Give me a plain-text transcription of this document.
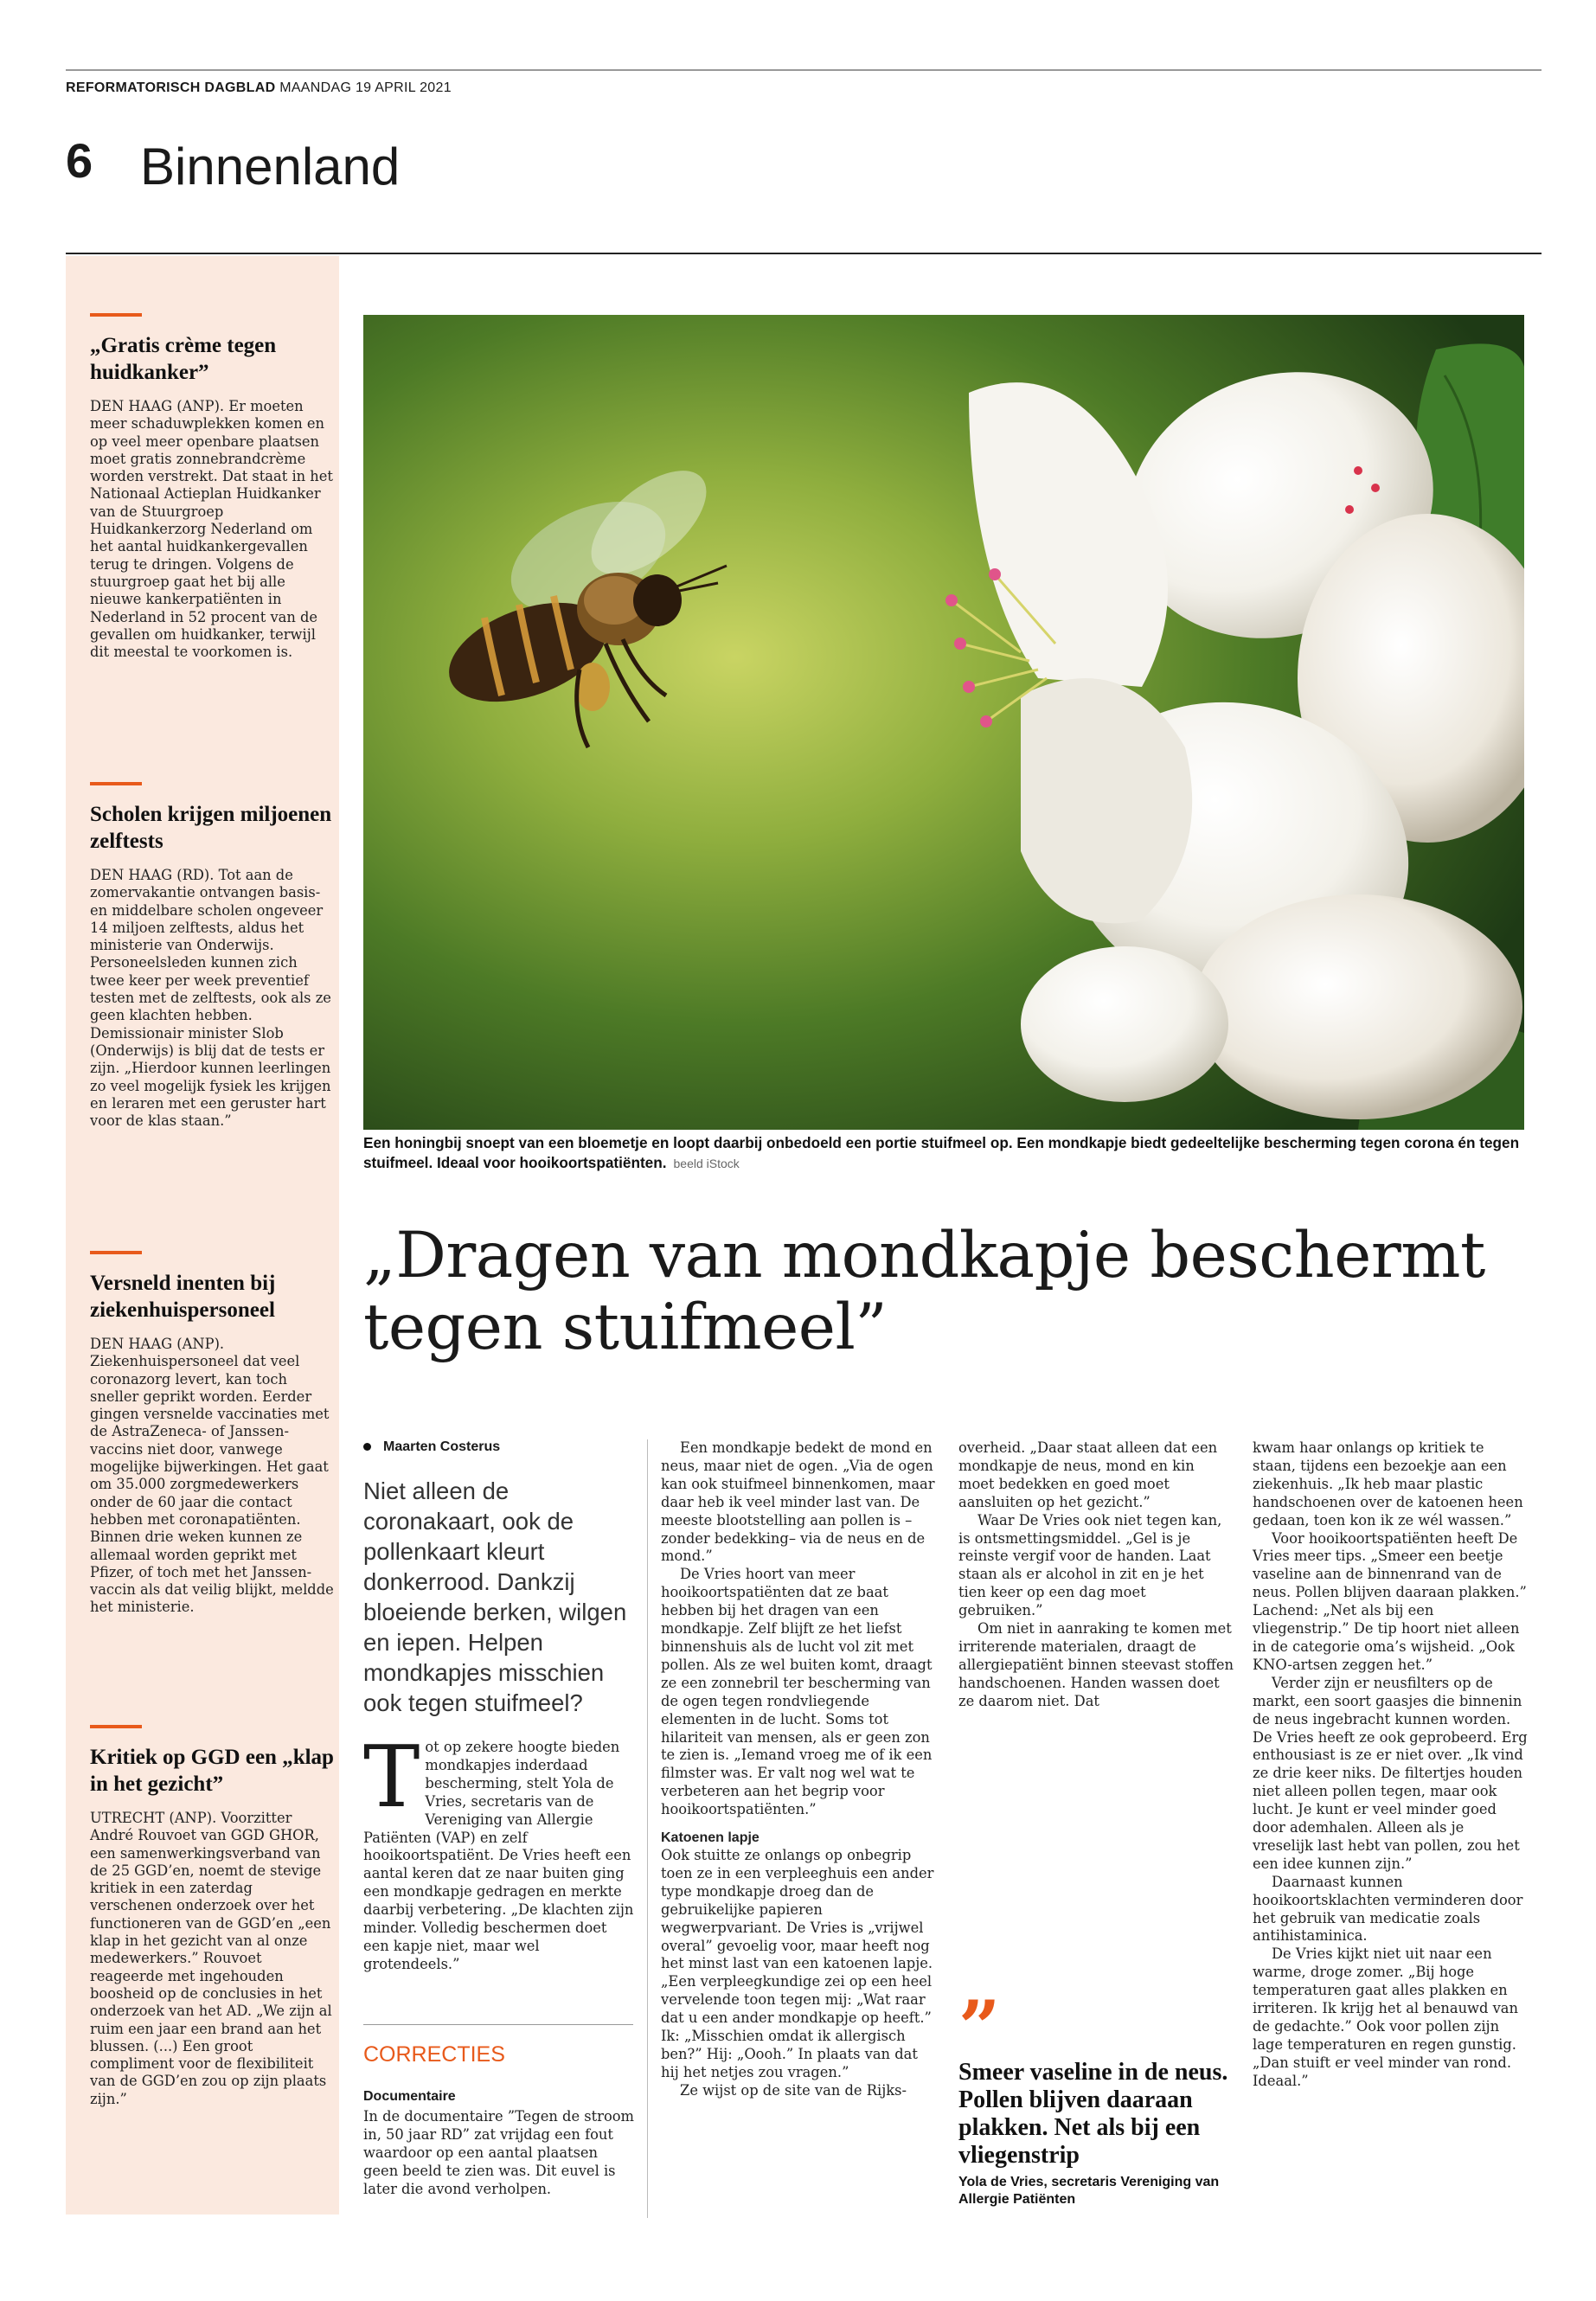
REFORMATORISCH DAGBLAD MAANDAG 19 APRIL 2021
6 Binnenland
„Gratis crème tegen huidkanker”

DEN HAAG (ANP). Er moeten meer schaduwplekken komen en op veel meer openbare plaatsen moet gratis zonnebrandcrème worden verstrekt. Dat staat in het Nationaal Actieplan Huidkanker van de Stuurgroep Huidkankerzorg Nederland om het aantal huidkankergevallen terug te dringen. Volgens de stuurgroep gaat het bij alle nieuwe kankerpatiënten in Nederland in 52 procent van de gevallen om huidkanker, terwijl dit meestal te voorkomen is.

Scholen krijgen miljoenen zelftests

DEN HAAG (RD). Tot aan de zomervakantie ontvangen basis- en middelbare scholen ongeveer 14 miljoen zelftests, aldus het ministerie van Onderwijs. Personeelsleden kunnen zich twee keer per week preventief testen met de zelftests, ook als ze geen klachten hebben. Demissionair minister Slob (Onderwijs) is blij dat de tests er zijn. „Hierdoor kunnen leerlingen zo veel mogelijk fysiek les krijgen en leraren met een geruster hart voor de klas staan.”

Versneld inenten bij ziekenhuispersoneel

DEN HAAG (ANP). Ziekenhuispersoneel dat veel coronazorg levert, kan toch sneller geprikt worden. Eerder gingen versnelde vaccinaties met de AstraZeneca- of Janssen-vaccins niet door, vanwege mogelijke bijwerkingen. Het gaat om 35.000 zorgmedewerkers onder de 60 jaar die contact hebben met coronapatiënten. Binnen drie weken kunnen ze allemaal worden geprikt met Pfizer, of toch met het Janssen-vaccin als dat veilig blijkt, meldde het ministerie.

Kritiek op GGD een „klap in het gezicht”

UTRECHT (ANP). Voorzitter André Rouvoet van GGD GHOR, een samenwerkingsverband van de 25 GGD’en, noemt de stevige kritiek in een zaterdag verschenen onderzoek over het functioneren van de GGD’en „een klap in het gezicht van al onze medewerkers.” Rouvoet reageerde met ingehouden boosheid op de conclusies in het onderzoek van het AD. „We zijn al ruim een jaar een brand aan het blussen. (...) Een groot compliment voor de flexibiliteit van de GGD’en zou op zijn plaats zijn.”

Een honingbij snoept van een bloemetje en loopt daarbij onbedoeld een portie stuifmeel op. Een mondkapje biedt gedeeltelijke bescherming tegen corona én tegen stuifmeel. Ideaal voor hooikoortspatiënten. beeld iStock
„Dragen van mondkapje beschermt tegen stuifmeel”
Maarten Costerus
Niet alleen de coronakaart, ook de pollenkaart kleurt donkerrood. Dankzij bloeiende berken, wilgen en iepen. Helpen mondkapjes misschien ook tegen stuifmeel?

Tot op zekere hoogte bieden mondkapjes inderdaad bescherming, stelt Yola de Vries, secretaris van de Vereniging van Allergie Patiënten (VAP) en zelf hooikoortspatiënt. De Vries heeft een aantal keren dat ze naar buiten ging een mondkapje gedragen en merkte daarbij verbetering. „De klachten zijn minder. Volledig beschermen doet een kapje niet, maar wel grotendeels.”

CORRECTIES
Documentaire
In de documentaire ”Tegen de stroom in, 50 jaar RD” zat vrijdag een fout waardoor op een aantal plaatsen geen beeld te zien was. Dit euvel is later die avond verholpen.

Een mondkapje bedekt de mond en neus, maar niet de ogen. „Via de ogen kan ook stuifmeel binnenkomen, maar daar heb ik veel minder last van. De meeste blootstelling aan pollen is –zonder bedekking– via de neus en de mond.”

De Vries hoort van meer hooikoortspatiënten dat ze baat hebben bij het dragen van een mondkapje. Zelf blijft ze het liefst binnenshuis als de lucht vol zit met pollen. Als ze wel buiten komt, draagt ze een zonnebril ter bescherming van de ogen tegen rondvliegende elementen in de lucht. Soms tot hilariteit van mensen, als er geen zon te zien is. „Iemand vroeg me of ik een filmster was. Er valt nog wel wat te verbeteren aan het begrip voor hooikoortspatiënten.”

Katoenen lapje

Ook stuitte ze onlangs op onbegrip toen ze in een verpleeghuis een ander type mondkapje droeg dan de gebruikelijke papieren wegwerpvariant. De Vries is „vrijwel overal” gevoelig voor, maar heeft nog het minst last van een katoenen lapje. „Een verpleegkundige zei op een heel vervelende toon tegen mij: „Wat raar dat u een ander mondkapje op heeft.” Ik: „Misschien omdat ik allergisch ben?” Hij: „Oooh.” In plaats van dat hij het netjes zou vragen.”

Ze wijst op de site van de Rijks-

overheid. „Daar staat alleen dat een mondkapje de neus, mond en kin moet bedekken en goed moet aansluiten op het gezicht.”

Waar De Vries ook niet tegen kan, is ontsmettingsmiddel. „Gel is je reinste vergif voor de handen. Laat staan als er alcohol in zit en je het tien keer op een dag moet gebruiken.”

Om niet in aanraking te komen met irriterende materialen, draagt de allergiepatiënt binnen steevast stoffen handschoenen. Handen wassen doet ze daarom niet. Dat

”
Smeer vaseline in de neus. Pollen blijven daaraan plakken. Net als bij een vliegenstrip
Yola de Vries, secretaris Vereniging van Allergie Patiënten

kwam haar onlangs op kritiek te staan, tijdens een bezoekje aan een ziekenhuis. „Ik heb maar plastic handschoenen over de katoenen heen gedaan, toen kon ik ze wél wassen.”

Voor hooikoortspatiënten heeft De Vries meer tips. „Smeer een beetje vaseline aan de binnenrand van de neus. Pollen blijven daaraan plakken.” Lachend: „Net als bij een vliegenstrip.” De tip hoort niet alleen in de categorie oma’s wijsheid. „Ook KNO-artsen zeggen het.”

Verder zijn er neusfilters op de markt, een soort gaasjes die binnenin de neus ingebracht kunnen worden. De Vries heeft ze ook geprobeerd. Erg enthousiast is ze er niet over. „Ik vind ze drie keer niks. De filtertjes houden niet alleen pollen tegen, maar ook lucht. Je kunt er veel minder goed door ademhalen. Alleen als je vreselijk last hebt van pollen, zou het een idee kunnen zijn.”

Daarnaast kunnen hooikoortsklachten verminderen door het gebruik van medicatie zoals antihistaminica.

De Vries kijkt niet uit naar een warme, droge zomer. „Bij hoge temperaturen gaat alles plakken en irriteren. Ik krijg het al benauwd van de gedachte.” Ook voor pollen zijn lage temperaturen en regen gunstig. „Dan stuift er veel minder van rond. Ideaal.”
